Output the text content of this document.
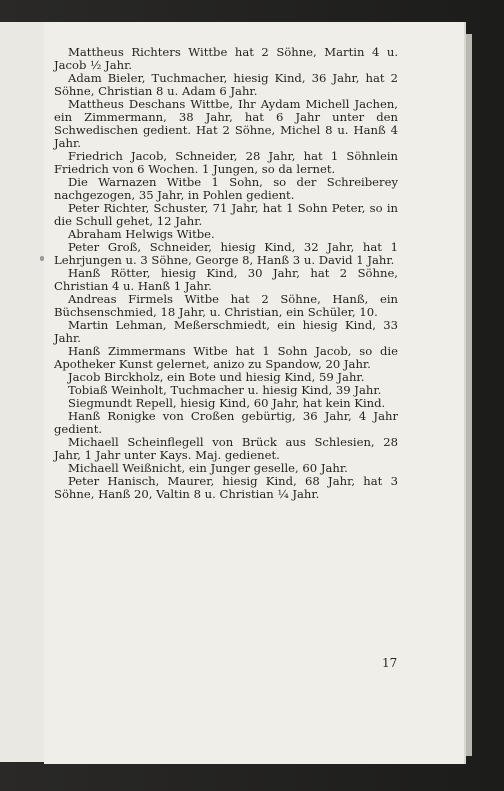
Mattheus Richters Wittbe hat 2 Söhne, Martin 4 u. Jacob ½ Jahr.

Adam Bieler, Tuchmacher, hiesig Kind, 36 Jahr, hat 2 Söhne, Christian 8 u. Adam 6 Jahr.

Mattheus Deschans Wittbe, Ihr Aydam Michell Jachen, ein Zimmermann, 38 Jahr, hat 6 Jahr unter den Schwedischen gedient. Hat 2 Söhne, Michel 8 u. Hanß 4 Jahr.

Friedrich Jacob, Schneider, 28 Jahr, hat 1 Söhnlein Friedrich von 6 Wochen. 1 Jungen, so da lernet.

Die Warnazen Witbe 1 Sohn, so der Schreiberey nachgezogen, 35 Jahr, in Pohlen gedient.

Peter Richter, Schuster, 71 Jahr, hat 1 Sohn Peter, so in die Schull gehet, 12 Jahr.

Abraham Helwigs Witbe.

Peter Groß, Schneider, hiesig Kind, 32 Jahr, hat 1 Lehrjungen u. 3 Söhne, George 8, Hanß 3 u. David 1 Jahr.

Hanß Rötter, hiesig Kind, 30 Jahr, hat 2 Söhne, Christian 4 u. Hanß 1 Jahr.

Andreas Firmels Witbe hat 2 Söhne, Hanß, ein Büchsenschmied, 18 Jahr, u. Christian, ein Schüler, 10.

Martin Lehman, Meßerschmiedt, ein hiesig Kind, 33 Jahr.

Hanß Zimmermans Witbe hat 1 Sohn Jacob, so die Apotheker Kunst gelernet, anizo zu Spandow, 20 Jahr.

Jacob Birckholz, ein Bote und hiesig Kind, 59 Jahr.

Tobiaß Weinholt, Tuchmacher u. hiesig Kind, 39 Jahr.

Siegmundt Repell, hiesig Kind, 60 Jahr, hat kein Kind.

Hanß Ronigke von Croßen gebürtig, 36 Jahr, 4 Jahr gedient.

Michaell Scheinflegell von Brück aus Schlesien, 28 Jahr, 1 Jahr unter Kays. Maj. gedienet.

Michaell Weißnicht, ein Junger geselle, 60 Jahr.

Peter Hanisch, Maurer, hiesig Kind, 68 Jahr, hat 3 Söhne, Hanß 20, Valtin 8 u. Christian ¼ Jahr.

17
